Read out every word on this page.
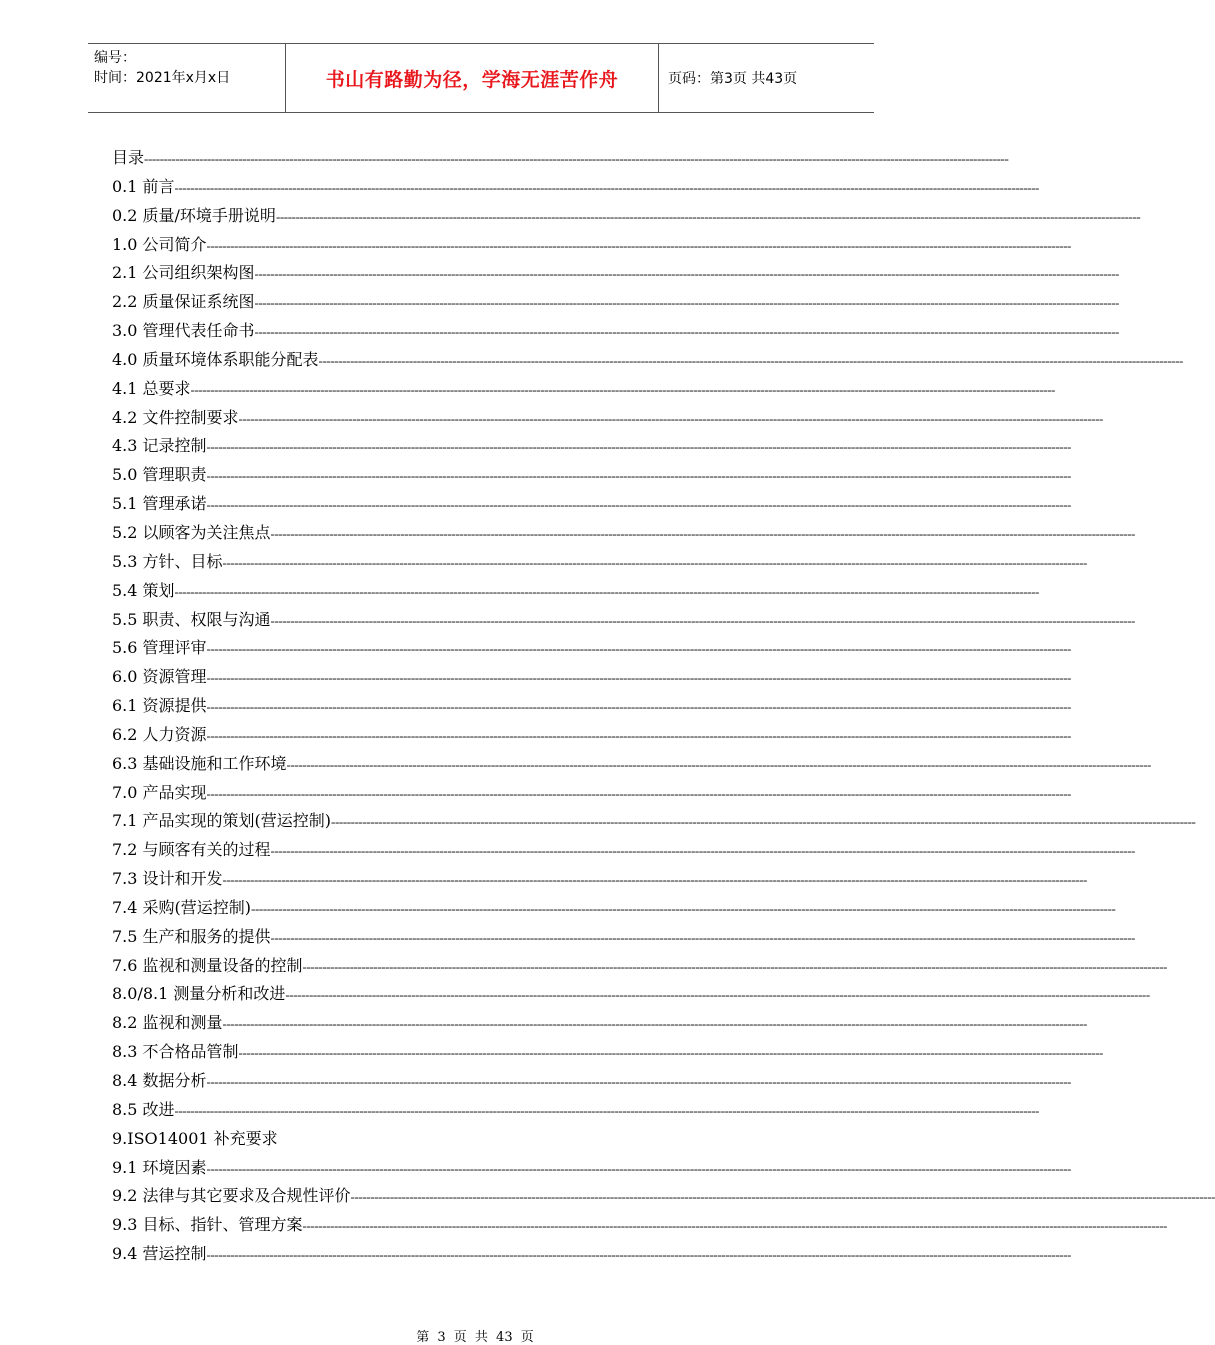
编号：
时间：2021年x月x日	书山有路勤为径，学海无涯苦作舟	页码：第3页 共43页
目录 ----------------------------------------------------------------------------------------------------------------------------------------------------------------------------------------------------------------------------
0.1 前言 ----------------------------------------------------------------------------------------------------------------------------------------------------------------------------------------------------------------------------
0.2 质量/环境手册说明 ----------------------------------------------------------------------------------------------------------------------------------------------------------------------------------------------------------------------------
1.0 公司简介 ----------------------------------------------------------------------------------------------------------------------------------------------------------------------------------------------------------------------------
2.1 公司组织架构图 ----------------------------------------------------------------------------------------------------------------------------------------------------------------------------------------------------------------------------
2.2 质量保证系统图 ----------------------------------------------------------------------------------------------------------------------------------------------------------------------------------------------------------------------------
3.0 管理代表任命书 ----------------------------------------------------------------------------------------------------------------------------------------------------------------------------------------------------------------------------
4.0 质量环境体系职能分配表 ----------------------------------------------------------------------------------------------------------------------------------------------------------------------------------------------------------------------------
4.1 总要求 ----------------------------------------------------------------------------------------------------------------------------------------------------------------------------------------------------------------------------
4.2 文件控制要求 ----------------------------------------------------------------------------------------------------------------------------------------------------------------------------------------------------------------------------
4.3 记录控制 ----------------------------------------------------------------------------------------------------------------------------------------------------------------------------------------------------------------------------
5.0 管理职责 ----------------------------------------------------------------------------------------------------------------------------------------------------------------------------------------------------------------------------
5.1 管理承诺 ----------------------------------------------------------------------------------------------------------------------------------------------------------------------------------------------------------------------------
5.2 以顾客为关注焦点 ----------------------------------------------------------------------------------------------------------------------------------------------------------------------------------------------------------------------------
5.3 方针、目标 ----------------------------------------------------------------------------------------------------------------------------------------------------------------------------------------------------------------------------
5.4 策划 ----------------------------------------------------------------------------------------------------------------------------------------------------------------------------------------------------------------------------
5.5 职责、权限与沟通 ----------------------------------------------------------------------------------------------------------------------------------------------------------------------------------------------------------------------------
5.6 管理评审 ----------------------------------------------------------------------------------------------------------------------------------------------------------------------------------------------------------------------------
6.0 资源管理 ----------------------------------------------------------------------------------------------------------------------------------------------------------------------------------------------------------------------------
6.1 资源提供 ----------------------------------------------------------------------------------------------------------------------------------------------------------------------------------------------------------------------------
6.2 人力资源 ----------------------------------------------------------------------------------------------------------------------------------------------------------------------------------------------------------------------------
6.3 基础设施和工作环境 ----------------------------------------------------------------------------------------------------------------------------------------------------------------------------------------------------------------------------
7.0 产品实现 ----------------------------------------------------------------------------------------------------------------------------------------------------------------------------------------------------------------------------
7.1 产品实现的策划(营运控制) ----------------------------------------------------------------------------------------------------------------------------------------------------------------------------------------------------------------------------
7.2 与顾客有关的过程 ----------------------------------------------------------------------------------------------------------------------------------------------------------------------------------------------------------------------------
7.3 设计和开发 ----------------------------------------------------------------------------------------------------------------------------------------------------------------------------------------------------------------------------
7.4 采购(营运控制) ----------------------------------------------------------------------------------------------------------------------------------------------------------------------------------------------------------------------------
7.5 生产和服务的提供 ----------------------------------------------------------------------------------------------------------------------------------------------------------------------------------------------------------------------------
7.6 监视和测量设备的控制 ----------------------------------------------------------------------------------------------------------------------------------------------------------------------------------------------------------------------------
8.0/8.1 测量分析和改进 ----------------------------------------------------------------------------------------------------------------------------------------------------------------------------------------------------------------------------
8.2 监视和测量 ----------------------------------------------------------------------------------------------------------------------------------------------------------------------------------------------------------------------------
8.3 不合格品管制 ----------------------------------------------------------------------------------------------------------------------------------------------------------------------------------------------------------------------------
8.4 数据分析 ----------------------------------------------------------------------------------------------------------------------------------------------------------------------------------------------------------------------------
8.5 改进 ----------------------------------------------------------------------------------------------------------------------------------------------------------------------------------------------------------------------------
9.ISO14001 补充要求
9.1 环境因素 ----------------------------------------------------------------------------------------------------------------------------------------------------------------------------------------------------------------------------
9.2 法律与其它要求及合规性评价 ----------------------------------------------------------------------------------------------------------------------------------------------------------------------------------------------------------------------------
9.3 目标、指针、管理方案 ----------------------------------------------------------------------------------------------------------------------------------------------------------------------------------------------------------------------------
9.4 营运控制 ----------------------------------------------------------------------------------------------------------------------------------------------------------------------------------------------------------------------------
第 3 页 共 43 页
